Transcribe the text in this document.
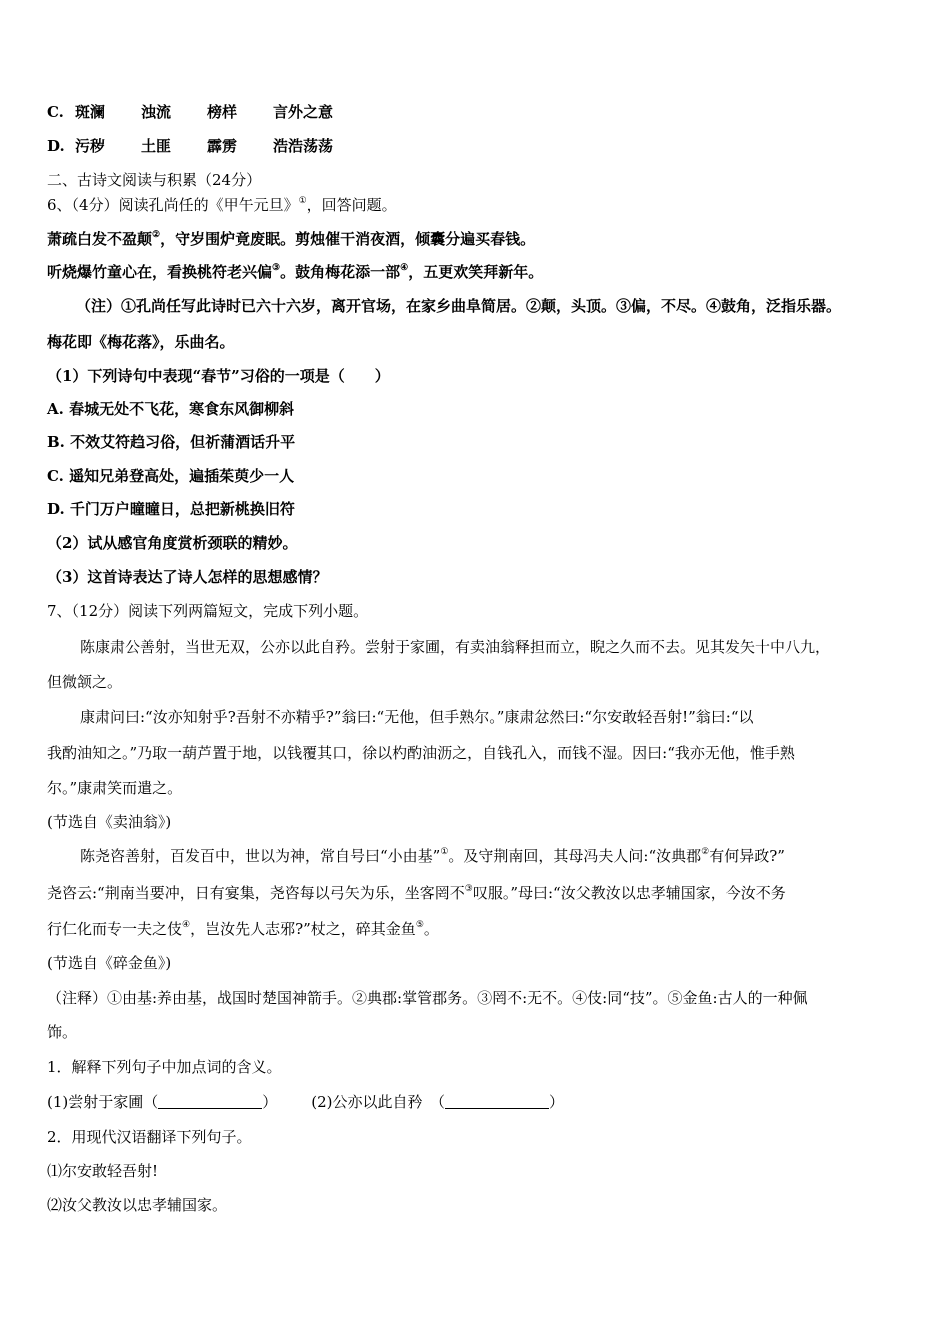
C. 斑澜 浊流 榜样 言外之意
D. 污秽 土匪 霹雳 浩浩荡荡
二、古诗文阅读与积累（24分）
6、（4分）阅读孔尚任的《甲午元旦》①，回答问题。
萧疏白发不盈颠②，守岁围炉竟废眠。剪烛催干消夜酒，倾囊分遍买春钱。
听烧爆竹童心在，看换桃符老兴偏③。鼓角梅花添一部④，五更欢笑拜新年。
（注）①孔尚任写此诗时已六十六岁，离开官场，在家乡曲阜简居。②颠，头顶。③偏，不尽。④鼓角，泛指乐器。
梅花即《梅花落》，乐曲名。
（1）下列诗句中表现“春节”习俗的一项是（　　）
A. 春城无处不飞花，寒食东风御柳斜
B. 不效艾符趋习俗，但祈蒲酒话升平
C. 遥知兄弟登高处，遍插茱萸少一人
D. 千门万户曈曈日，总把新桃换旧符
（2）试从感官角度赏析颈联的精妙。
（3）这首诗表达了诗人怎样的思想感情？
7、（12分）阅读下列两篇短文，完成下列小题。
陈康肃公善射，当世无双，公亦以此自矜。尝射于家圃，有卖油翁释担而立，睨之久而不去。见其发矢十中八九，
但微颔之。
康肃问曰:“汝亦知射乎?吾射不亦精乎?”翁曰:“无他，但手熟尔。”康肃忿然曰:“尔安敢轻吾射!”翁曰:“以
我酌油知之。”乃取一葫芦置于地，以钱覆其口，徐以杓酌油沥之，自钱孔入，而钱不湿。因曰:“我亦无他，惟手熟
尔。”康肃笑而遣之。
(节选自《卖油翁》)
陈尧咨善射，百发百中，世以为神，常自号曰“小由基”①。及守荆南回，其母冯夫人问:“汝典郡②有何异政?”
尧咨云:“荆南当要冲，日有宴集，尧咨每以弓矢为乐，坐客罔不③叹服。”母曰:“汝父教汝以忠孝辅国家，今汝不务
行仁化而专一夫之伎④，岂汝先人志邪?”杖之，碎其金鱼⑤。
(节选自《碎金鱼》)
（注释）①由基:养由基，战国时楚国神箭手。②典郡:掌管郡务。③罔不:无不。④伎:同“技”。⑤金鱼:古人的一种佩
饰。
1．解释下列句子中加点词的含义。
(1)尝射于家圃（	） (2)公亦以此自矜　（	）
2．用现代汉语翻译下列句子。
⑴尔安敢轻吾射!
⑵汝父教汝以忠孝辅国家。
